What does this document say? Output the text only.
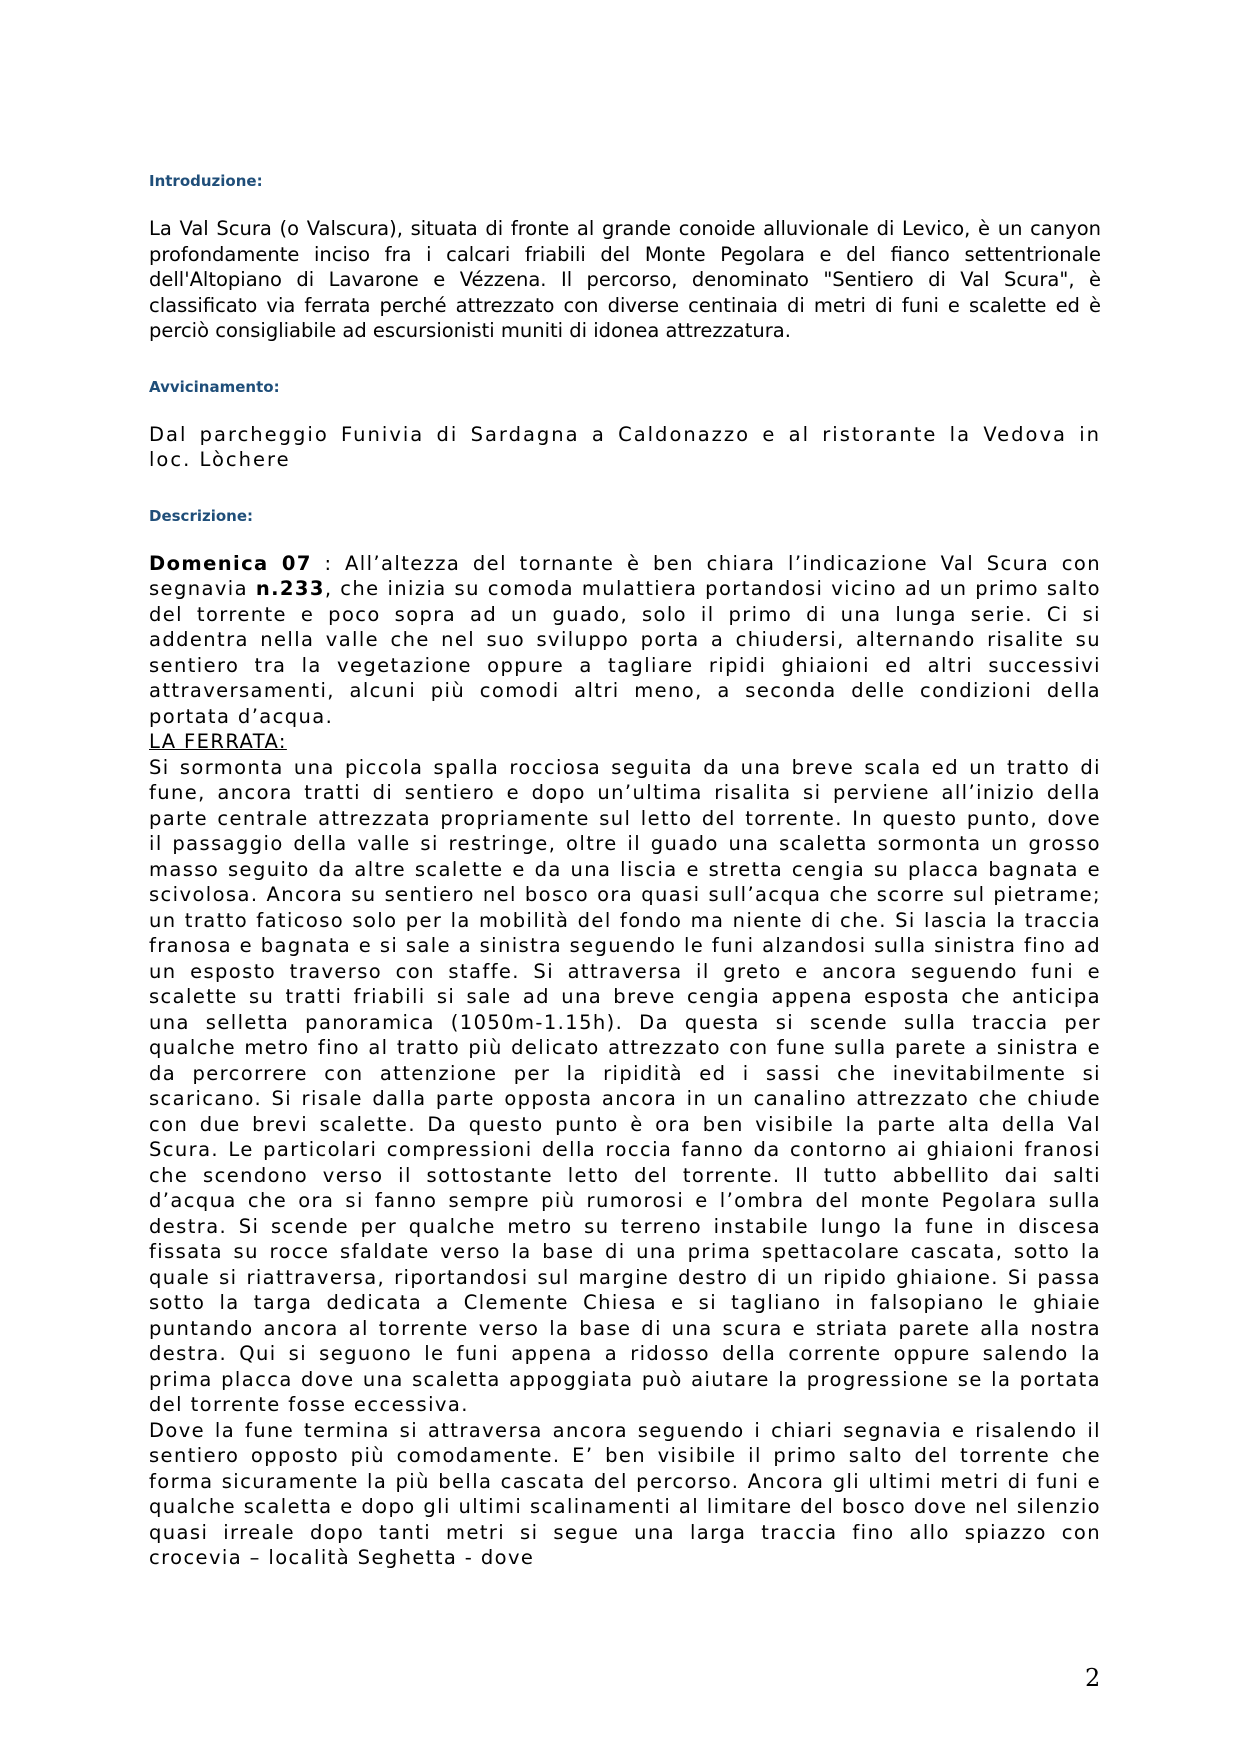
Introduzione:
La Val Scura (o Valscura), situata di fronte al grande conoide alluvionale di Levico, è un canyon profondamente inciso fra i calcari friabili del Monte Pegolara e del fianco settentrionale dell'Altopiano di Lavarone e Vézzena. Il percorso, denominato "Sentiero di Val Scura", è classificato via ferrata perché attrezzato con diverse centinaia di metri di funi e scalette ed è perciò consigliabile ad escursionisti muniti di idonea attrezzatura.
Avvicinamento:
Dal parcheggio Funivia di Sardagna a Caldonazzo e al ristorante la Vedova in loc. Lòchere
Descrizione:

Domenica 07 : All’altezza del tornante è ben chiara l’indicazione Val Scura con segnavia n.233, che inizia su comoda mulattiera portandosi vicino ad un primo salto del torrente e poco sopra ad un guado, solo il primo di una lunga serie. Ci si addentra nella valle che nel suo sviluppo porta a chiudersi, alternando risalite su sentiero tra la vegetazione oppure a tagliare ripidi ghiaioni ed altri successivi attraversamenti, alcuni più comodi altri meno, a seconda delle condizioni della portata d’acqua.

LA FERRATA:

Si sormonta una piccola spalla rocciosa seguita da una breve scala ed un tratto di fune, ancora tratti di sentiero e dopo un’ultima risalita si perviene all’inizio della parte centrale attrezzata propriamente sul letto del torrente. In questo punto, dove il passaggio della valle si restringe, oltre il guado una scaletta sormonta un grosso masso seguito da altre scalette e da una liscia e stretta cengia su placca bagnata e scivolosa. Ancora su sentiero nel bosco ora quasi sull’acqua che scorre sul pietrame; un tratto faticoso solo per la mobilità del fondo ma niente di che. Si lascia la traccia franosa e bagnata e si sale a sinistra seguendo le funi alzandosi sulla sinistra fino ad un esposto traverso con staffe. Si attraversa il greto e ancora seguendo funi e scalette su tratti friabili si sale ad una breve cengia appena esposta che anticipa una selletta panoramica (1050m-1.15h). Da questa si scende sulla traccia per qualche metro fino al tratto più delicato attrezzato con fune sulla parete a sinistra e da percorrere con attenzione per la ripidità ed i sassi che inevitabilmente si scaricano. Si risale dalla parte opposta ancora in un canalino attrezzato che chiude con due brevi scalette. Da questo punto è ora ben visibile la parte alta della Val Scura. Le particolari compressioni della roccia fanno da contorno ai ghiaioni franosi che scendono verso il sottostante letto del torrente. Il tutto abbellito dai salti d’acqua che ora si fanno sempre più rumorosi e l’ombra del monte Pegolara sulla destra. Si scende per qualche metro su terreno instabile lungo la fune in discesa fissata su rocce sfaldate verso la base di una prima spettacolare cascata, sotto la quale si riattraversa, riportandosi sul margine destro di un ripido ghiaione. Si passa sotto la targa dedicata a Clemente Chiesa e si tagliano in falsopiano le ghiaie puntando ancora al torrente verso la base di una scura e striata parete alla nostra destra. Qui si seguono le funi appena a ridosso della corrente oppure salendo la prima placca dove una scaletta appoggiata può aiutare la progressione se la portata del torrente fosse eccessiva.

Dove la fune termina si attraversa ancora seguendo i chiari segnavia e risalendo il sentiero opposto più comodamente. E’ ben visibile il primo salto del torrente che forma sicuramente la più bella cascata del percorso. Ancora gli ultimi metri di funi e qualche scaletta e dopo gli ultimi scalinamenti al limitare del bosco dove nel silenzio quasi irreale dopo tanti metri si segue una larga traccia fino allo spiazzo con crocevia – località Seghetta - dove

2
